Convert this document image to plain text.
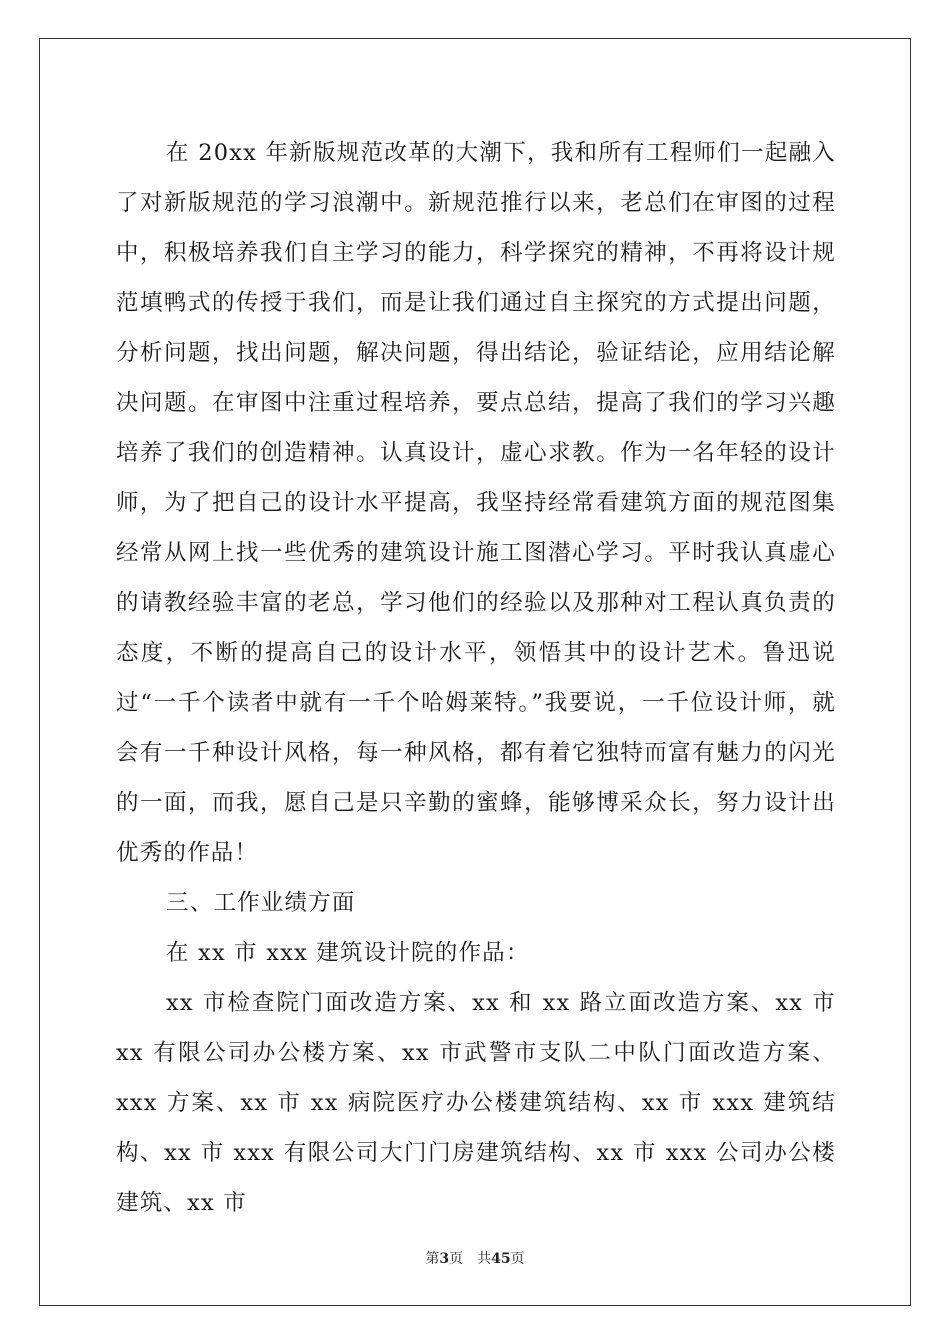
在 20xx 年新版规范改革的大潮下，我和所有工程师们一起融入了对新版规范的学习浪潮中。新规范推行以来，老总们在审图的过程中，积极培养我们自主学习的能力，科学探究的精神，不再将设计规范填鸭式的传授于我们，而是让我们通过自主探究的方式提出问题，分析问题，找出问题，解决问题，得出结论，验证结论，应用结论解决问题。在审图中注重过程培养，要点总结，提高了我们的学习兴趣培养了我们的创造精神。认真设计，虚心求教。作为一名年轻的设计师，为了把自己的设计水平提高，我坚持经常看建筑方面的规范图集经常从网上找一些优秀的建筑设计施工图潜心学习。平时我认真虚心的请教经验丰富的老总，学习他们的经验以及那种对工程认真负责的态度，不断的提高自己的设计水平，领悟其中的设计艺术。鲁迅说过“一千个读者中就有一千个哈姆莱特。”我要说，一千位设计师，就会有一千种设计风格，每一种风格，都有着它独特而富有魅力的闪光的一面，而我，愿自己是只辛勤的蜜蜂，能够博采众长，努力设计出优秀的作品！

三、工作业绩方面

在 xx 市 xxx 建筑设计院的作品：

xx 市检查院门面改造方案、xx 和 xx 路立面改造方案、xx 市 xx 有限公司办公楼方案、xx 市武警市支队二中队门面改造方案、xxx 方案、xx 市 xx 病院医疗办公楼建筑结构、xx 市 xxx 建筑结构、xx 市 xxx 有限公司大门门房建筑结构、xx 市 xxx 公司办公楼建筑、xx 市

第3页 共45页
